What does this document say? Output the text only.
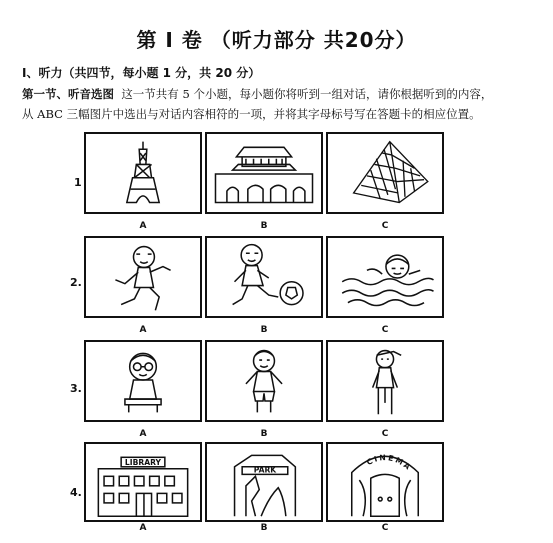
第 I 卷 （听力部分 共20分）
I、听力（共四节，每小题 1 分，共 20 分）
第一节、听音选图 这一节共有 5 个小题，每小题你将听到一组对话，请你根据听到的内容，
从 ABC 三幅图片中选出与对话内容相符的一项，并将其字母标号写在答题卡的相应位置。
1
A	B	C
2.
A	B	C
3.
A	B	C
4.
LIBRARY
A
PARK
B
CINEMA
C
